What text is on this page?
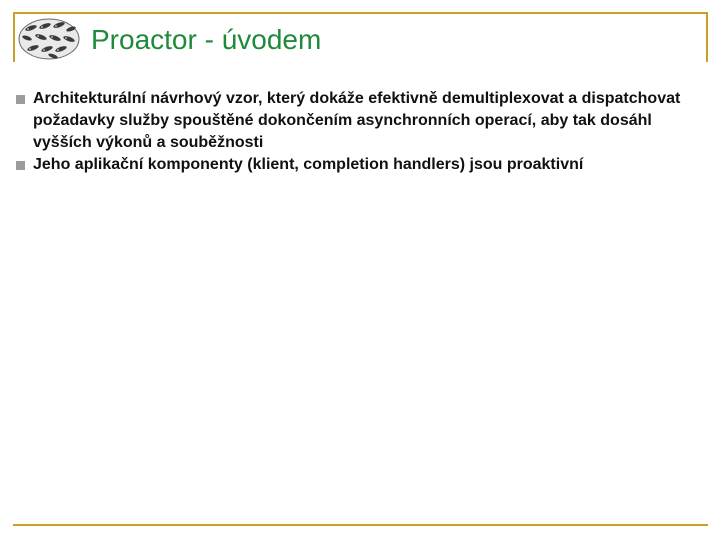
Proactor - úvodem
Architekturální návrhový vzor, který dokáže efektivně demultiplexovat a dispatchovat požadavky služby spouštěné dokončením asynchronních operací, aby tak dosáhl vyšších výkonů a souběžnosti
Jeho aplikační komponenty (klient, completion handlers) jsou proaktivní
